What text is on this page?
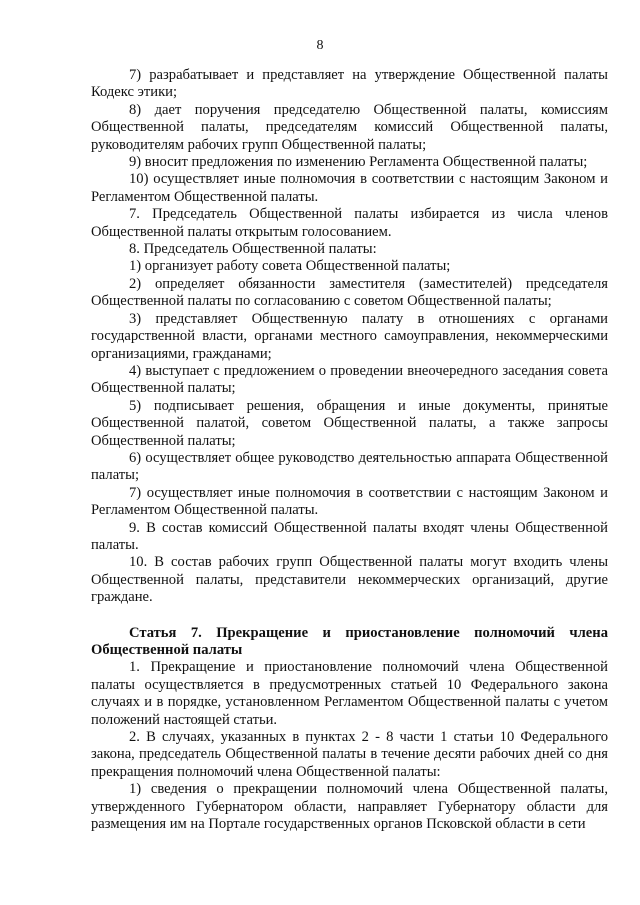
8

7) разрабатывает и представляет на утверждение Общественной палаты Кодекс этики;

8) дает поручения председателю Общественной палаты, комиссиям Общественной палаты, председателям комиссий Общественной палаты, руководителям рабочих групп Общественной палаты;

9) вносит предложения по изменению Регламента Общественной палаты;

10) осуществляет иные полномочия в соответствии с настоящим Законом и Регламентом Общественной палаты.

7. Председатель Общественной палаты избирается из числа членов Общественной палаты открытым голосованием.

8. Председатель Общественной палаты:

1) организует работу совета Общественной палаты;

2) определяет обязанности заместителя (заместителей) председателя Общественной палаты по согласованию с советом Общественной палаты;

3) представляет Общественную палату в отношениях с органами государственной власти, органами местного самоуправления, некоммерческими организациями, гражданами;

4) выступает с предложением о проведении внеочередного заседания совета Общественной палаты;

5) подписывает решения, обращения и иные документы, принятые Общественной палатой, советом Общественной палаты, а также запросы Общественной палаты;

6) осуществляет общее руководство деятельностью аппарата Общественной палаты;

7) осуществляет иные полномочия в соответствии с настоящим Законом и Регламентом Общественной палаты.

9. В состав комиссий Общественной палаты входят члены Общественной палаты.

10. В состав рабочих групп Общественной палаты могут входить члены Общественной палаты, представители некоммерческих организаций, другие граждане.

Статья 7. Прекращение и приостановление полномочий члена Общественной палаты

1. Прекращение и приостановление полномочий члена Общественной палаты осуществляется в предусмотренных статьей 10 Федерального закона случаях и в порядке, установленном Регламентом Общественной палаты с учетом положений настоящей статьи.

2. В случаях, указанных в пунктах 2 - 8 части 1 статьи 10 Федерального закона, председатель Общественной палаты в течение десяти рабочих дней со дня прекращения полномочий члена Общественной палаты:

1) сведения о прекращении полномочий члена Общественной палаты, утвержденного Губернатором области, направляет Губернатору области для размещения им на Портале государственных органов Псковской области в сети
